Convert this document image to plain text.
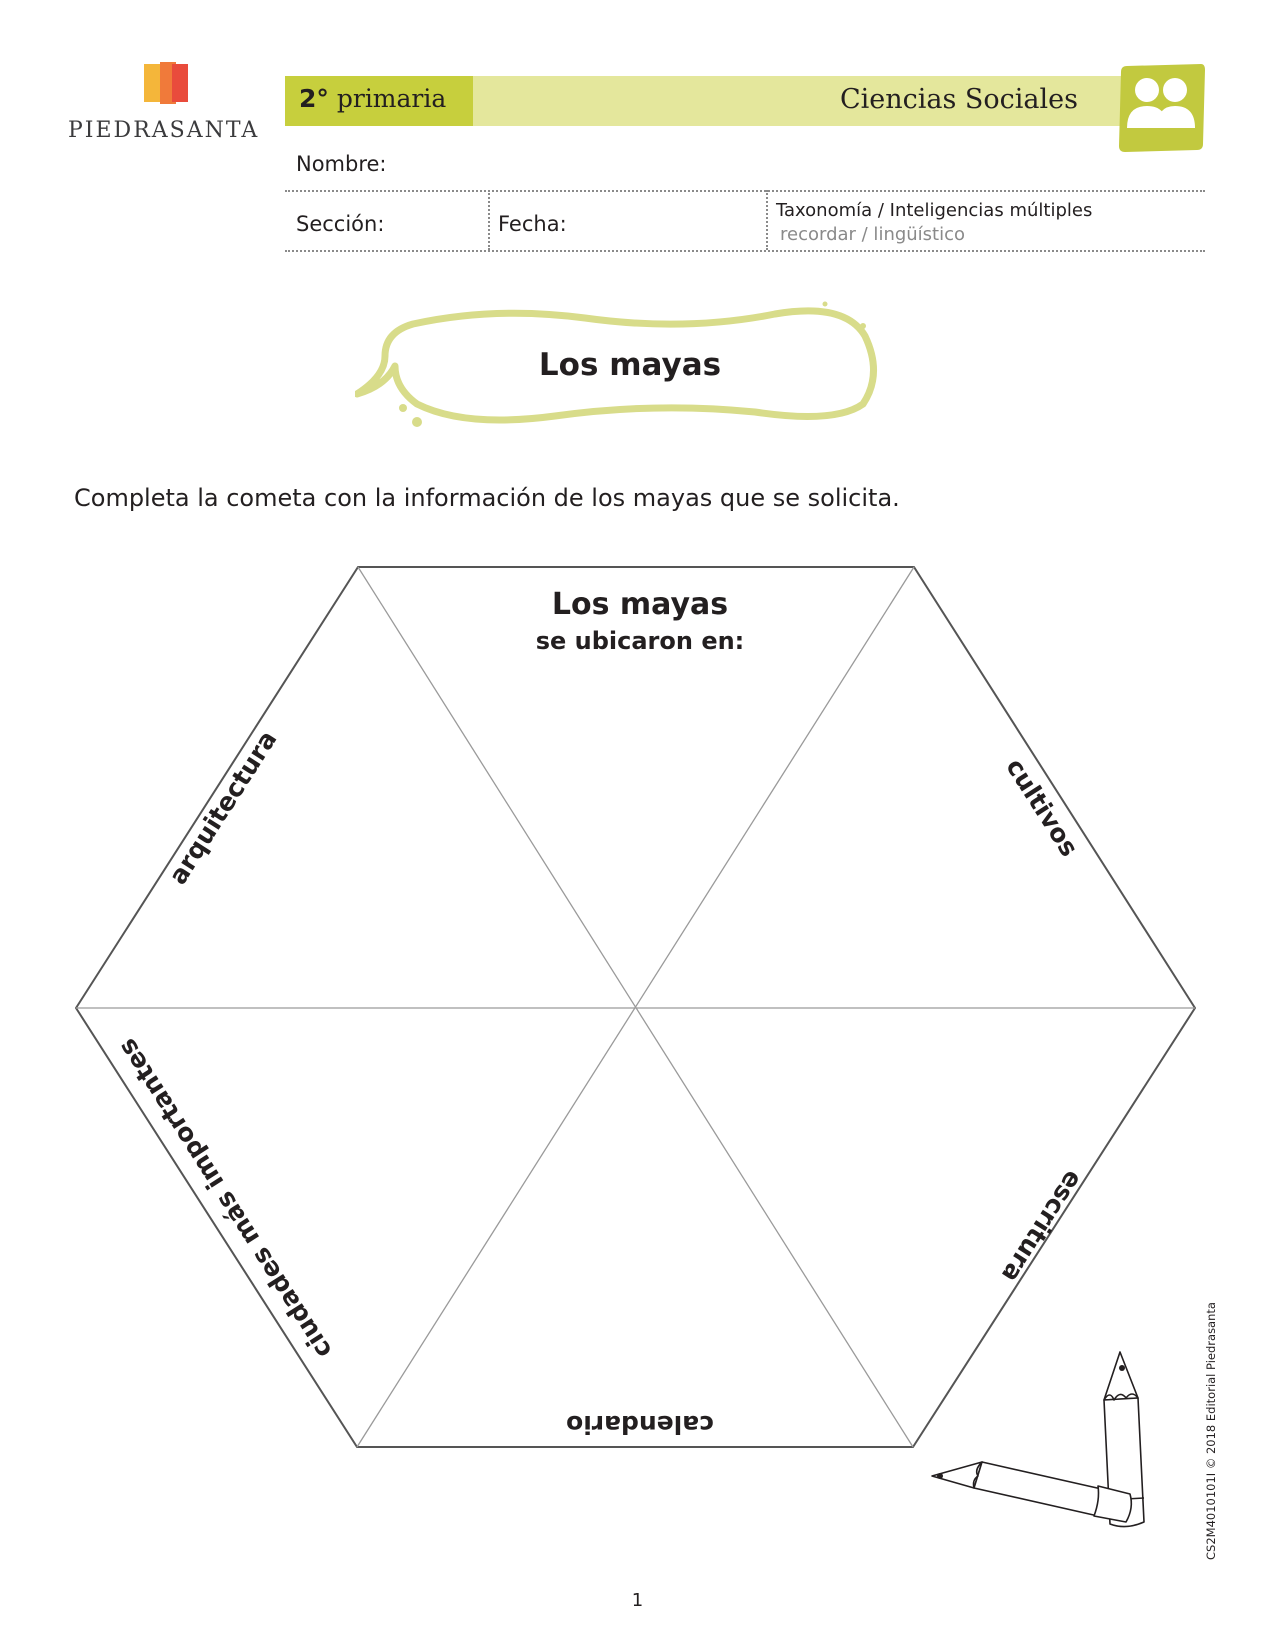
PIEDRASANTA
2° primaria	Ciencias Sociales
Nombre:
Sección:	Fecha:
Taxonomía / Inteligencias múltiples
recordar / lingüístico
Los mayas
Completa la cometa con la información de los mayas que se solicita.
Los mayas
se ubicaron en:
arquitectura	cultivos
escritura
calendario
ciudades más importantes
1
CS2M4010101I © 2018 Editorial Piedrasanta
